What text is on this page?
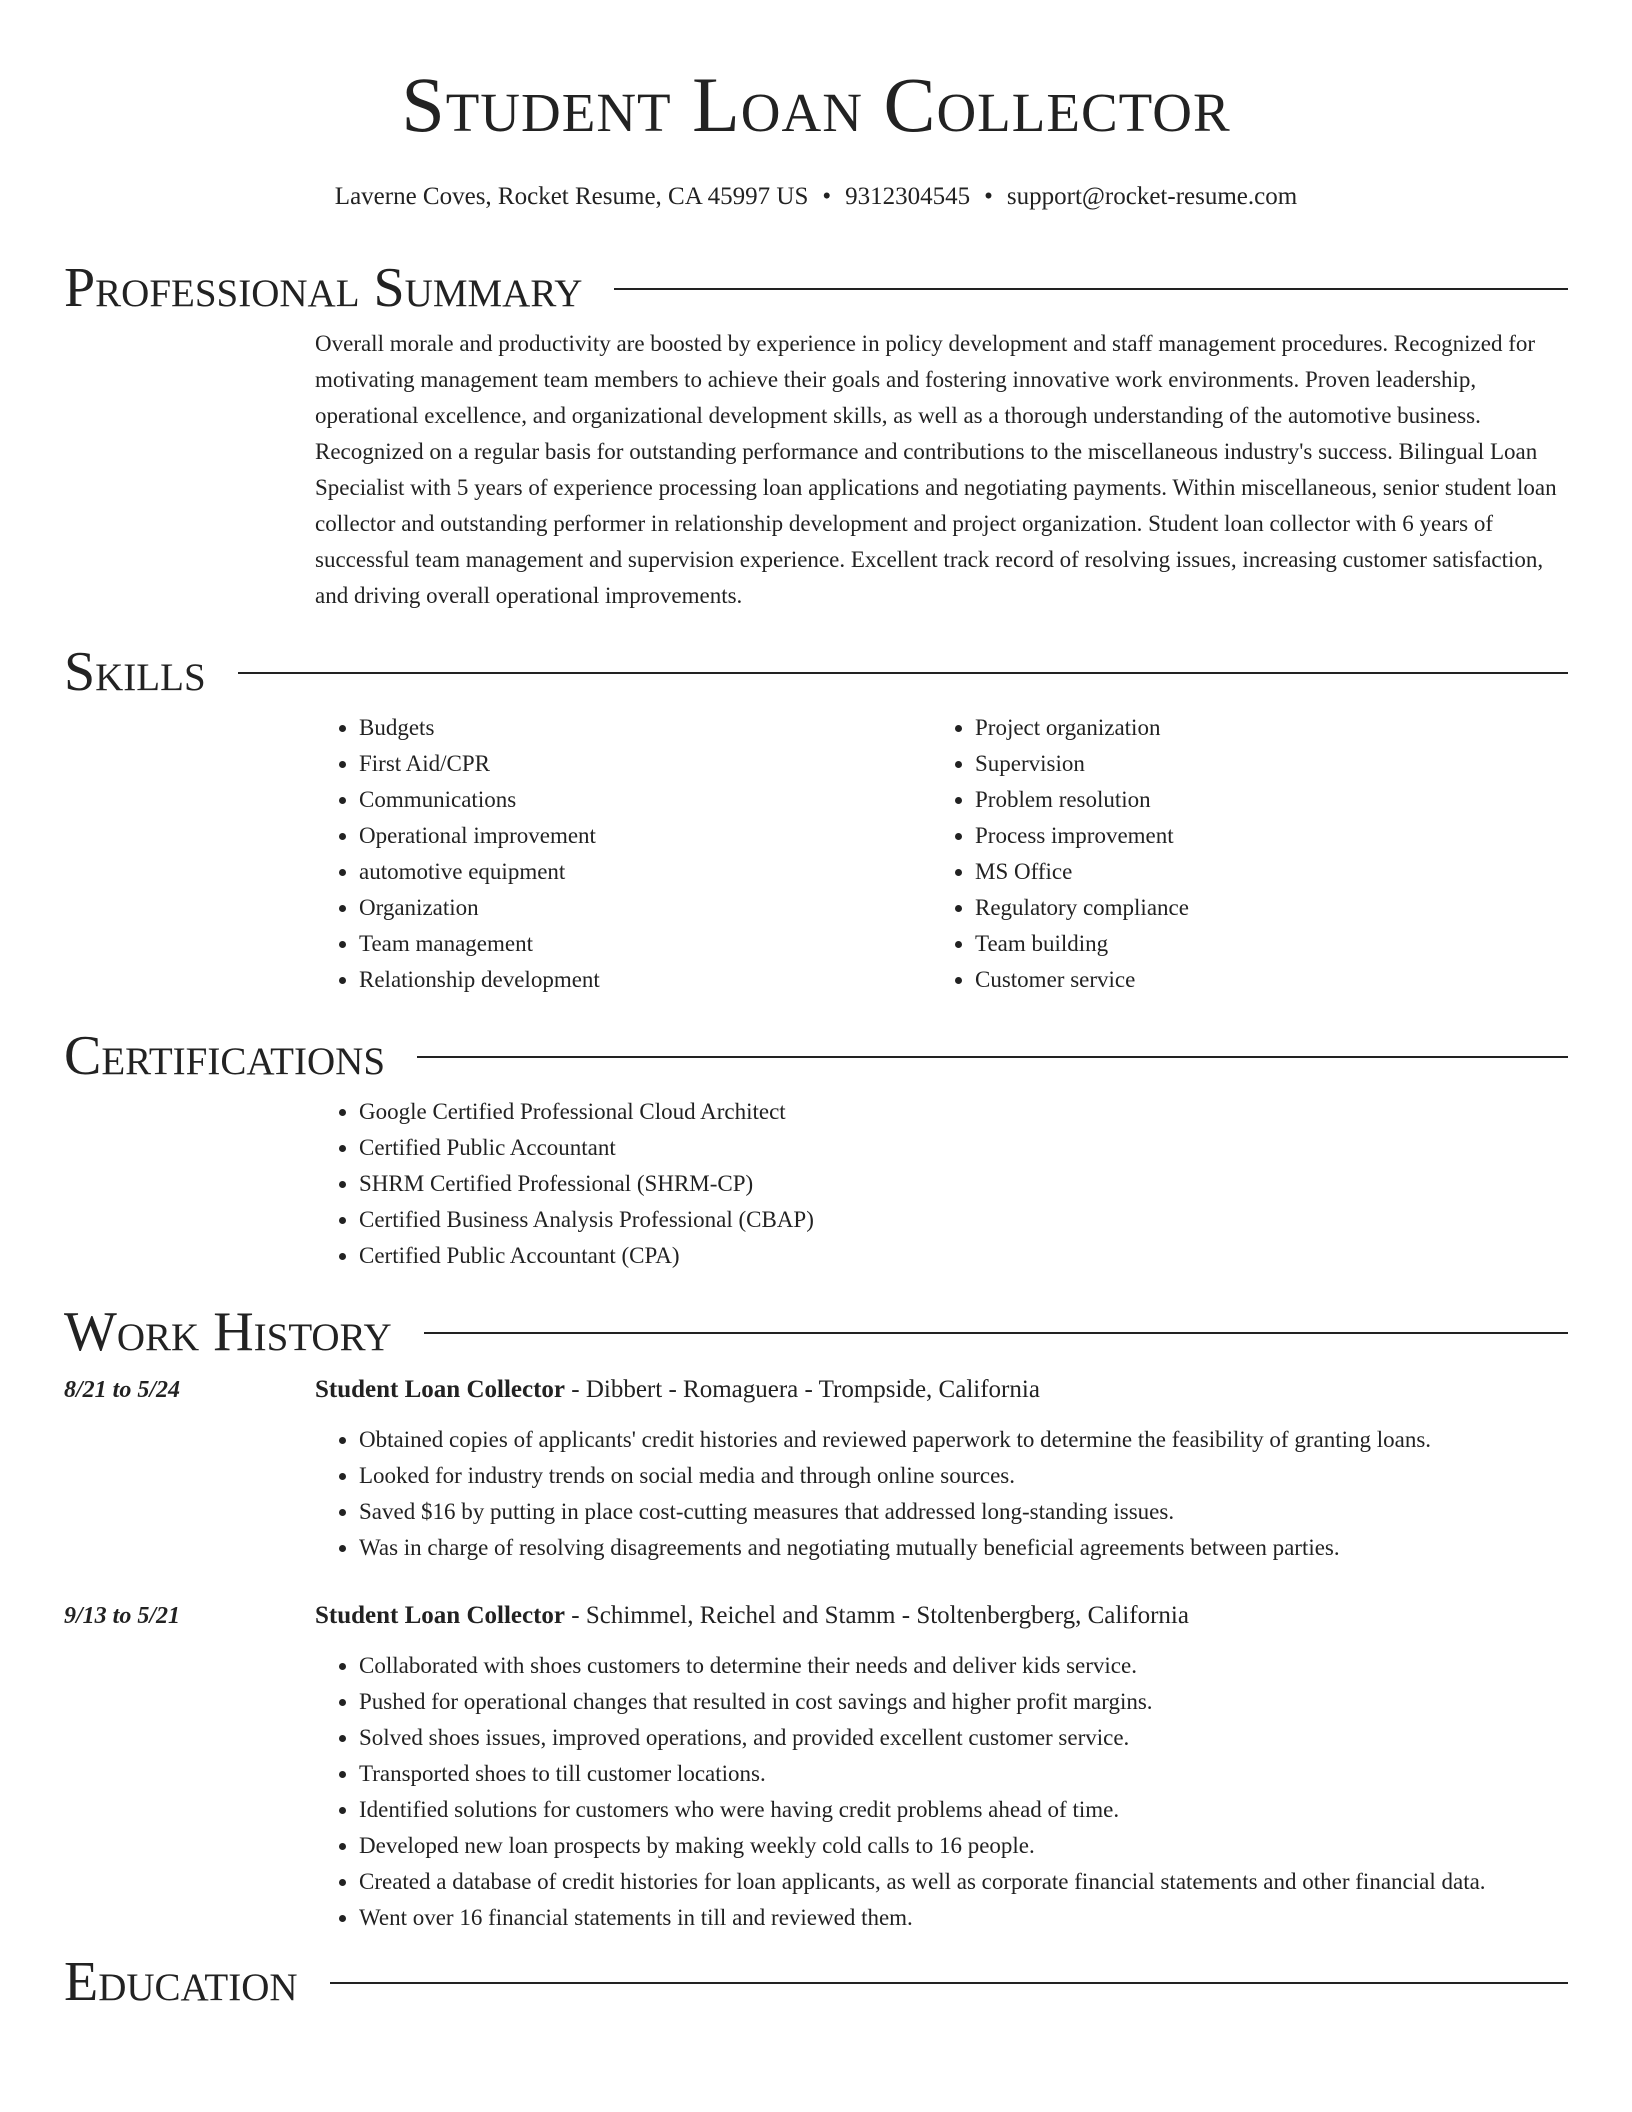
Student Loan Collector
Laverne Coves, Rocket Resume, CA 45997 US • 9312304545 • support@rocket-resume.com
Professional Summary

Overall morale and productivity are boosted by experience in policy development and staff management procedures. Recognized for motivating management team members to achieve their goals and fostering innovative work environments. Proven leadership, operational excellence, and organizational development skills, as well as a thorough understanding of the automotive business. Recognized on a regular basis for outstanding performance and contributions to the miscellaneous industry's success. Bilingual Loan Specialist with 5 years of experience processing loan applications and negotiating payments. Within miscellaneous, senior student loan collector and outstanding performer in relationship development and project organization. Student loan collector with 6 years of successful team management and supervision experience. Excellent track record of resolving issues, increasing customer satisfaction, and driving overall operational improvements.

Skills
• Budgets
• First Aid/CPR
• Communications
• Operational improvement
• automotive equipment
• Organization
• Team management
• Relationship development
• Project organization
• Supervision
• Problem resolution
• Process improvement
• MS Office
• Regulatory compliance
• Team building
• Customer service
Certifications
• Google Certified Professional Cloud Architect
• Certified Public Accountant
• SHRM Certified Professional (SHRM-CP)
• Certified Business Analysis Professional (CBAP)
• Certified Public Accountant (CPA)
Work History
8/21 to 5/24	Student Loan Collector - Dibbert - Romaguera - Trompside, California
• Obtained copies of applicants' credit histories and reviewed paperwork to determine the feasibility of granting loans.
• Looked for industry trends on social media and through online sources.
• Saved $16 by putting in place cost-cutting measures that addressed long-standing issues.
• Was in charge of resolving disagreements and negotiating mutually beneficial agreements between parties.
9/13 to 5/21	Student Loan Collector - Schimmel, Reichel and Stamm - Stoltenbergberg, California
• Collaborated with shoes customers to determine their needs and deliver kids service.
• Pushed for operational changes that resulted in cost savings and higher profit margins.
• Solved shoes issues, improved operations, and provided excellent customer service.
• Transported shoes to till customer locations.
• Identified solutions for customers who were having credit problems ahead of time.
• Developed new loan prospects by making weekly cold calls to 16 people.
• Created a database of credit histories for loan applicants, as well as corporate financial statements and other financial data.
• Went over 16 financial statements in till and reviewed them.
Education
